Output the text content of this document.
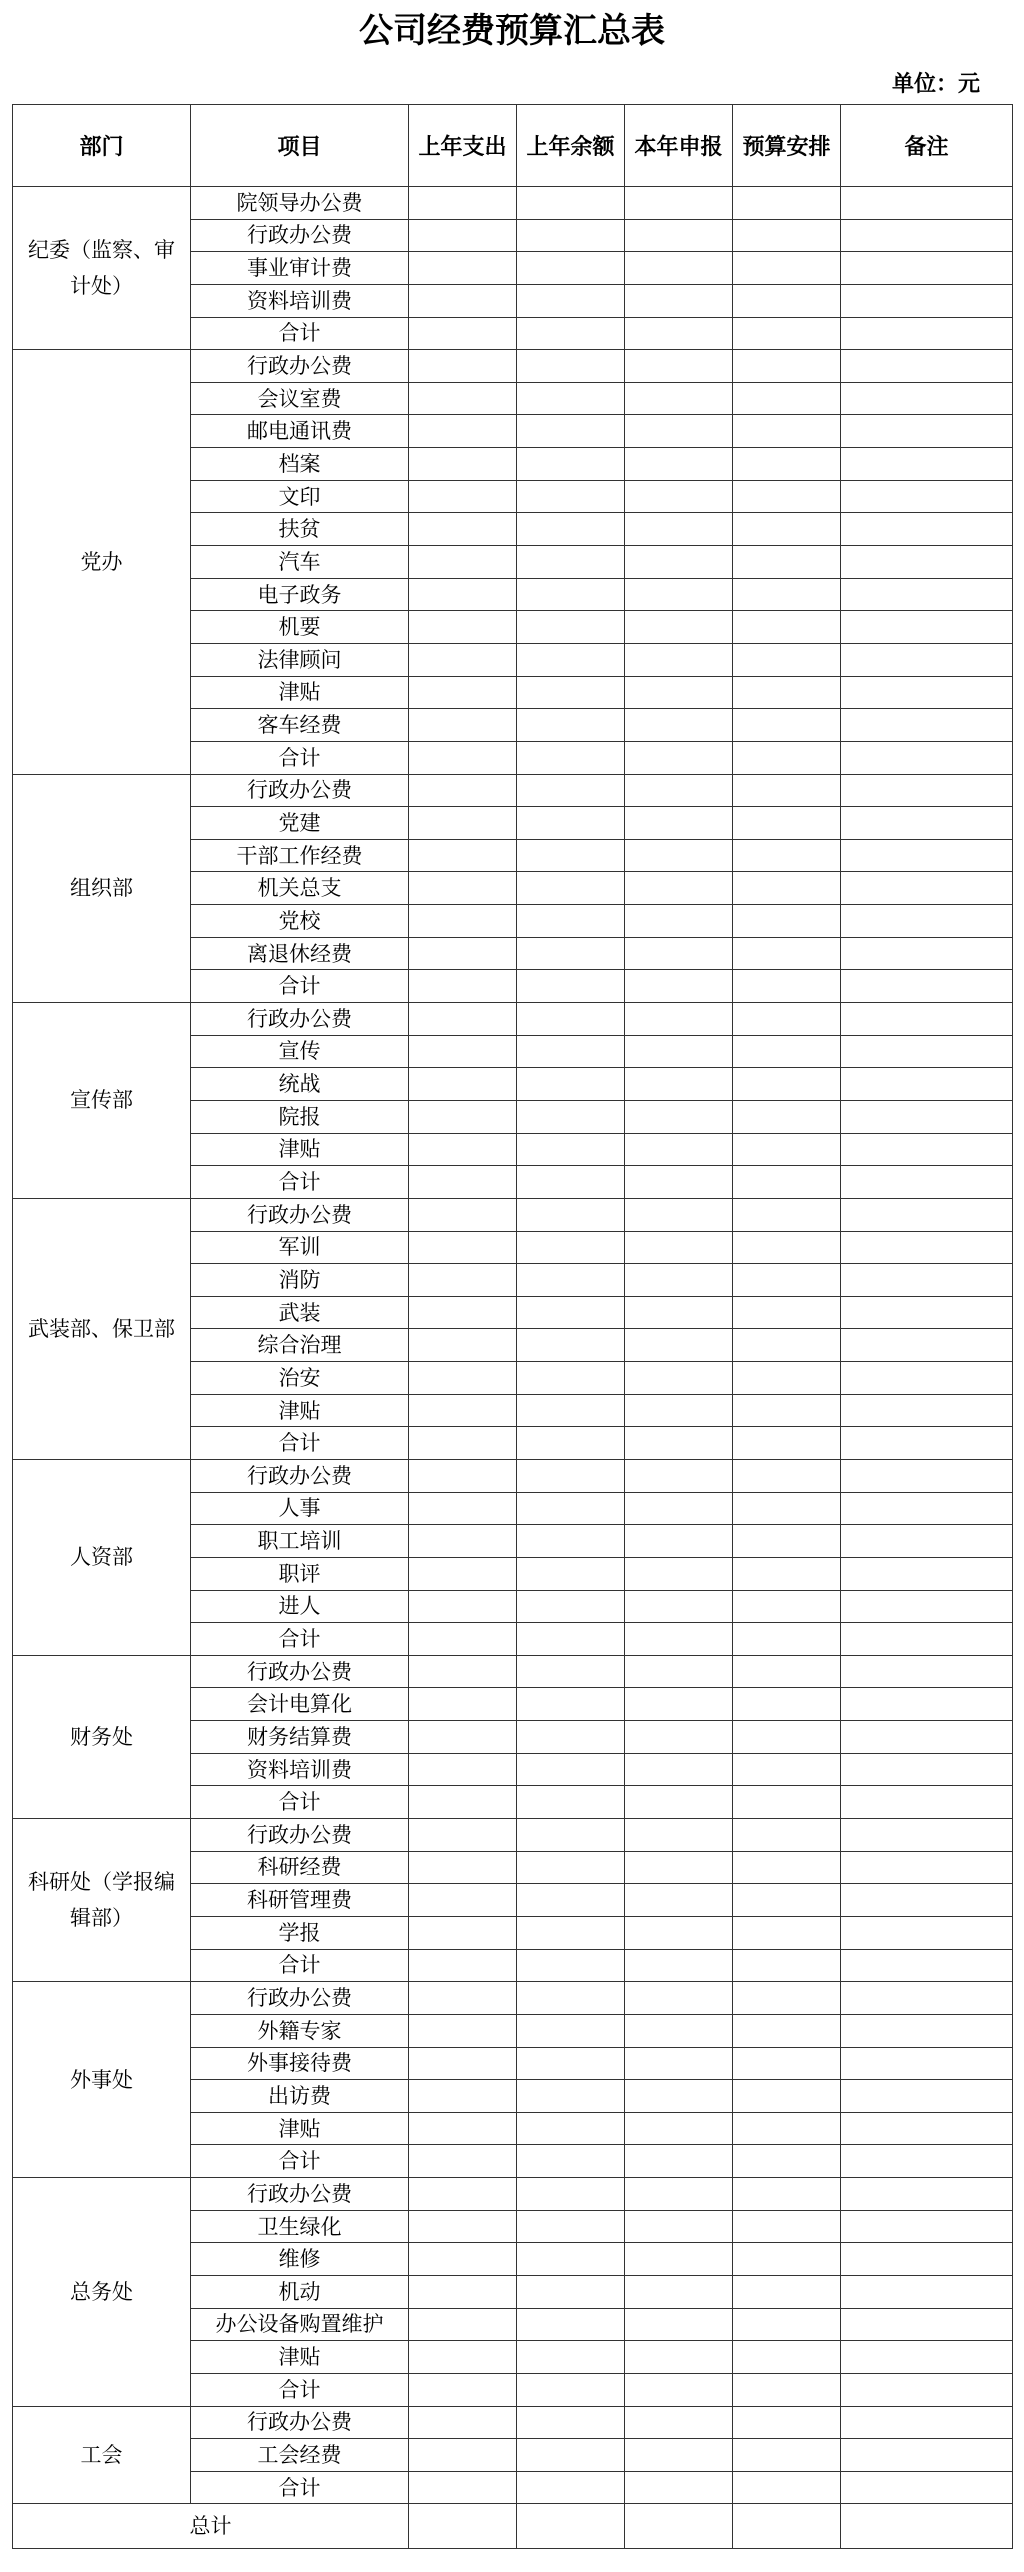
公司经费预算汇总表
单位：元
部门	项目	上年支出	上年余额	本年申报	预算安排	备注
纪委（监察、审计处）	院领导办公费					
	行政办公费					
	事业审计费					
	资料培训费					
	合计					
党办	行政办公费					
	会议室费					
	邮电通讯费					
	档案					
	文印					
	扶贫					
	汽车					
	电子政务					
	机要					
	法律顾问					
	津贴					
	客车经费					
	合计					
组织部	行政办公费					
	党建					
	干部工作经费					
	机关总支					
	党校					
	离退休经费					
	合计					
宣传部	行政办公费					
	宣传					
	统战					
	院报					
	津贴					
	合计					
武装部、保卫部	行政办公费					
	军训					
	消防					
	武装					
	综合治理					
	治安					
	津贴					
	合计					
人资部	行政办公费					
	人事					
	职工培训					
	职评					
	进人					
	合计					
财务处	行政办公费					
	会计电算化					
	财务结算费					
	资料培训费					
	合计					
科研处（学报编辑部）	行政办公费					
	科研经费					
	科研管理费					
	学报					
	合计					
外事处	行政办公费					
	外籍专家					
	外事接待费					
	出访费					
	津贴					
	合计					
总务处	行政办公费					
	卫生绿化					
	维修					
	机动					
	办公设备购置维护					
	津贴					
	合计					
工会	行政办公费					
	工会经费					
	合计					
总计						
